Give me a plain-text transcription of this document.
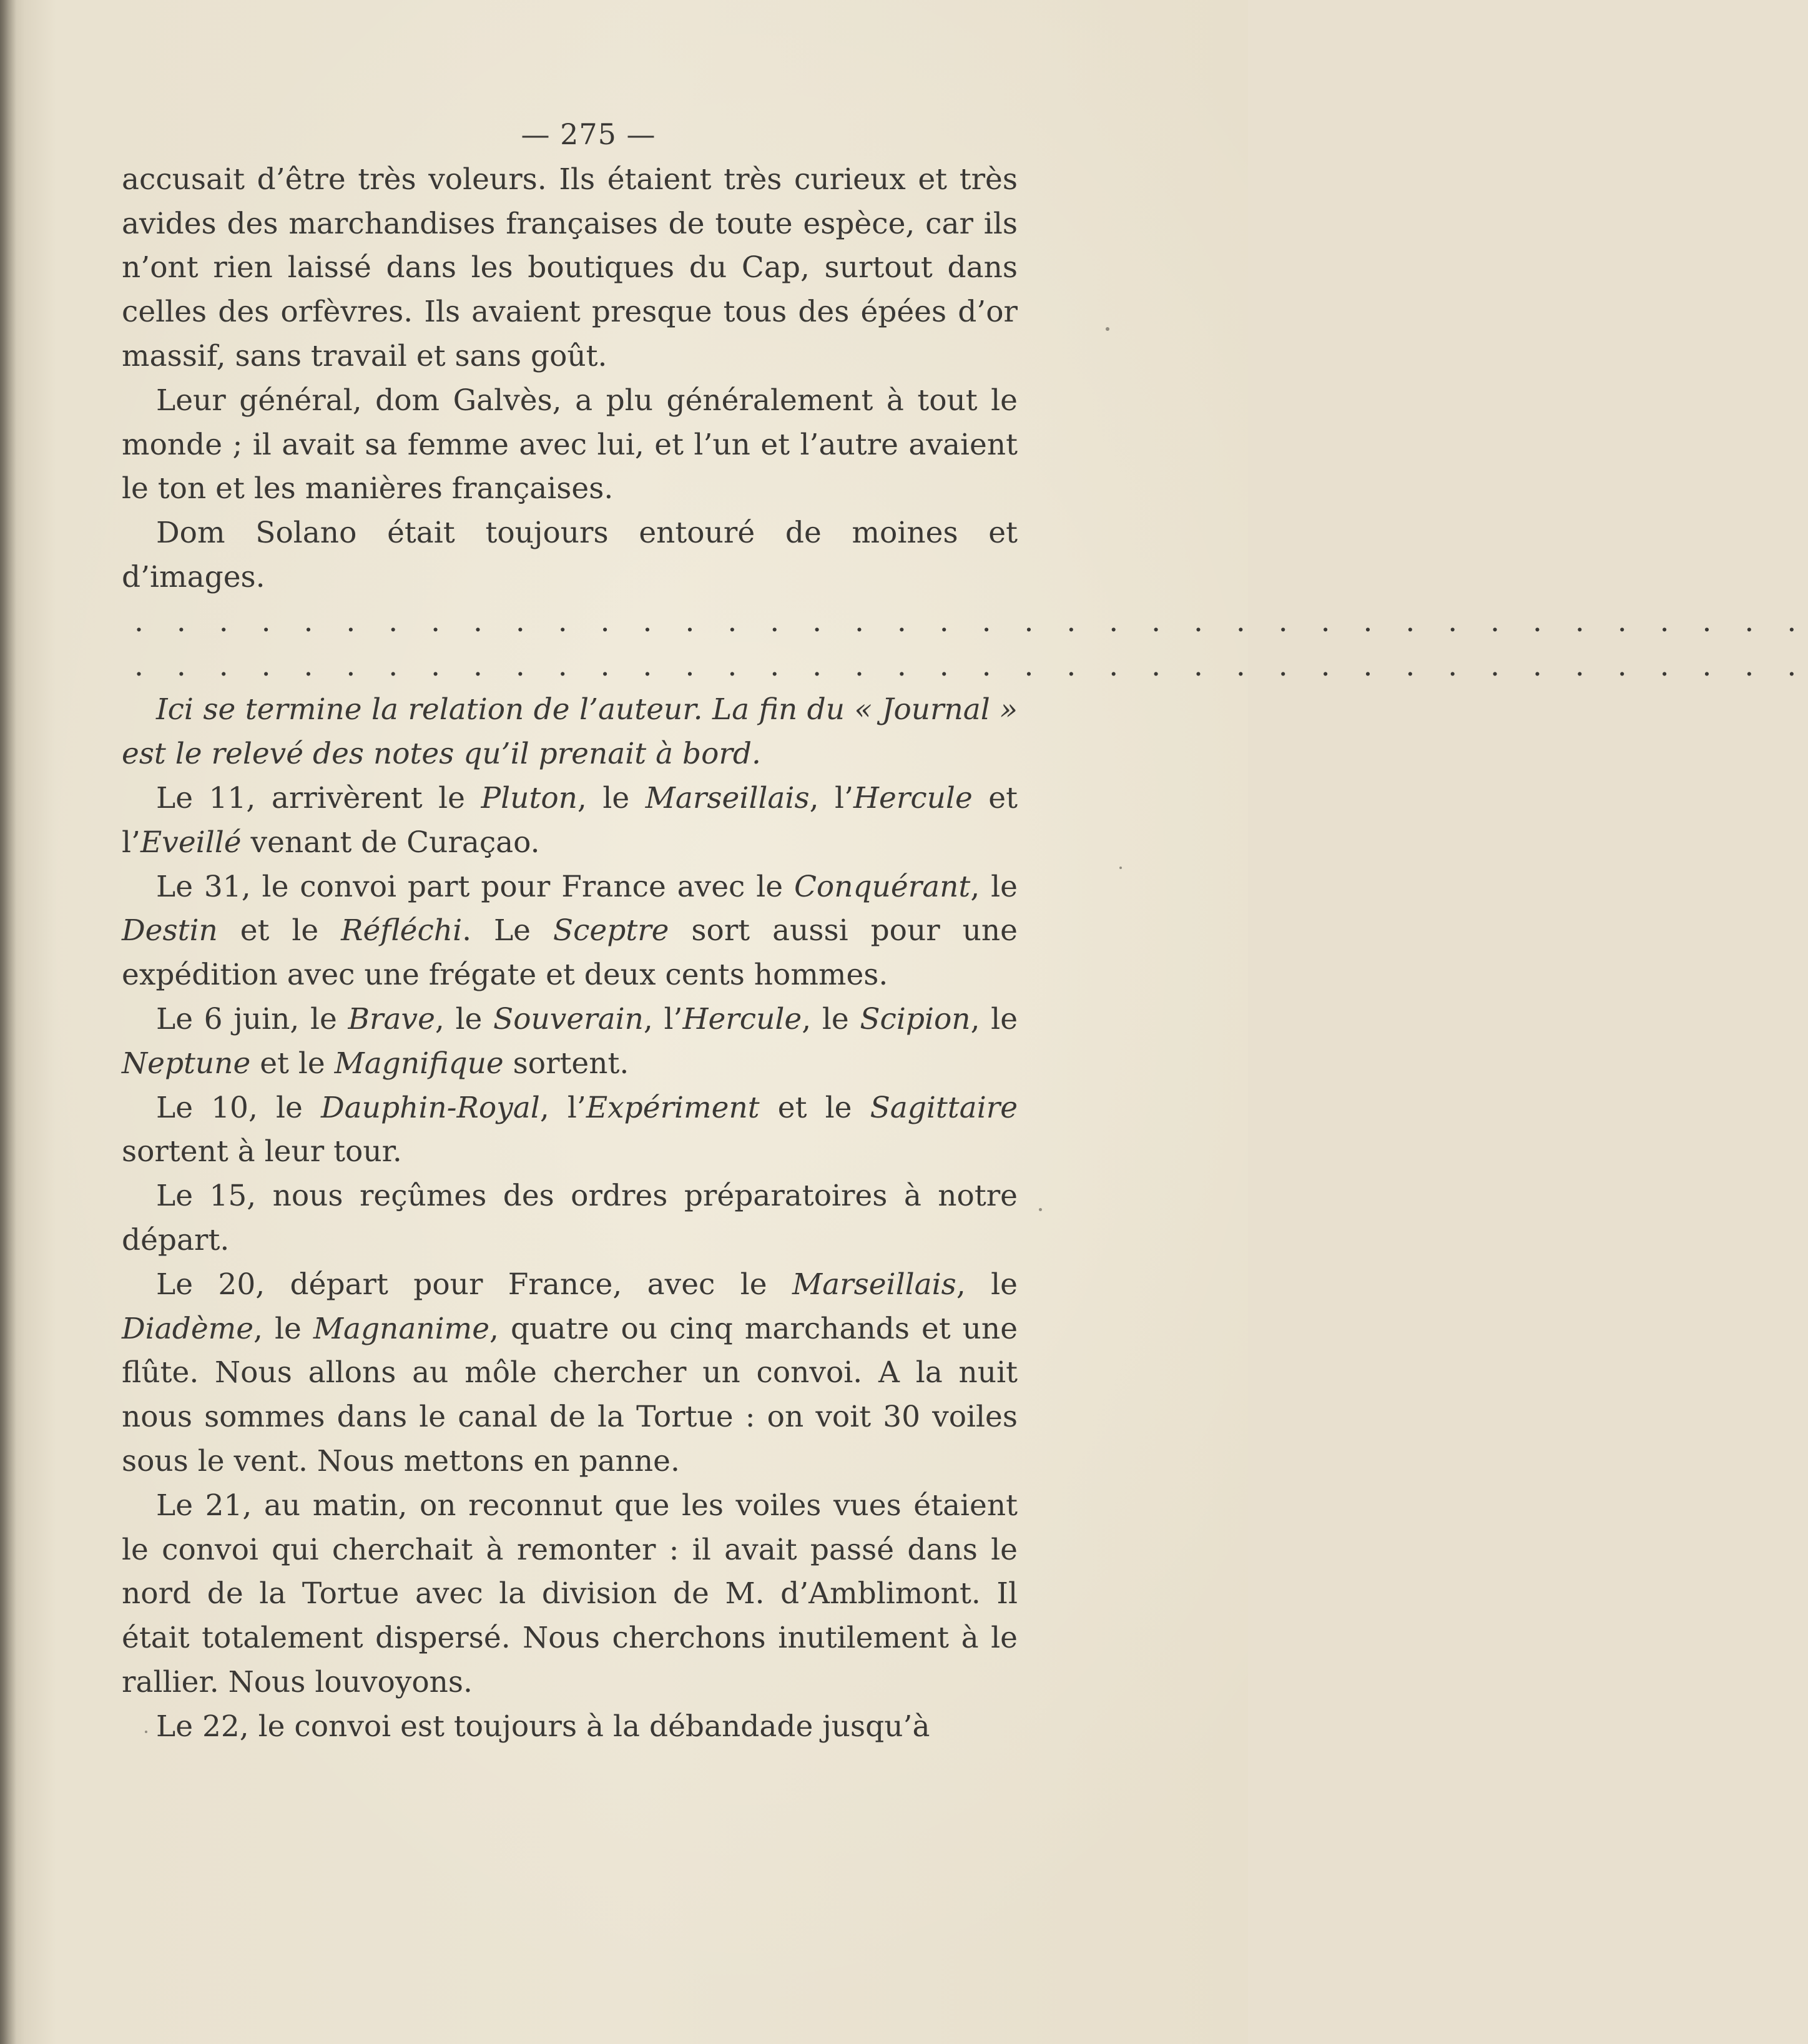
— 275 —

accusait d’être très voleurs. Ils étaient très curieux et très avides des marchandises françaises de toute espèce, car ils n’ont rien laissé dans les boutiques du Cap, surtout dans celles des orfèvres. Ils avaient presque tous des épées d’or massif, sans travail et sans goût.

Leur général, dom Galvès, a plu généralement à tout le monde ; il avait sa femme avec lui, et l’un et l’autre avaient le ton et les manières françaises.

Dom Solano était toujours entouré de moines et d’images.

. . . . . . . . . . . . . . . . . . . . . . . . . . . . . . . . . . . . . . . .
. . . . . . . . . . . . . . . . . . . . . . . . . . . . . . . . . . . . . . . .

Ici se termine la relation de l’auteur. La fin du « Journal » est le relevé des notes qu’il prenait à bord.

Le 11, arrivèrent le Pluton, le Marseillais, l’Hercule et l’Eveillé venant de Curaçao.

Le 31, le convoi part pour France avec le Conquérant, le Destin et le Réfléchi. Le Sceptre sort aussi pour une expédition avec une frégate et deux cents hommes.

Le 6 juin, le Brave, le Souverain, l’Hercule, le Scipion, le Neptune et le Magnifique sortent.

Le 10, le Dauphin-Royal, l’Expériment et le Sagittaire sortent à leur tour.

Le 15, nous reçûmes des ordres préparatoires à notre départ.

Le 20, départ pour France, avec le Marseillais, le Diadème, le Magnanime, quatre ou cinq marchands et une flûte. Nous allons au môle chercher un convoi. A la nuit nous sommes dans le canal de la Tortue : on voit 30 voiles sous le vent. Nous mettons en panne.

Le 21, au matin, on reconnut que les voiles vues étaient le convoi qui cherchait à remonter : il avait passé dans le nord de la Tortue avec la division de M. d’Amblimont. Il était totalement dispersé. Nous cherchons inutilement à le rallier. Nous louvoyons.

Le 22, le convoi est toujours à la débandade jusqu’à
